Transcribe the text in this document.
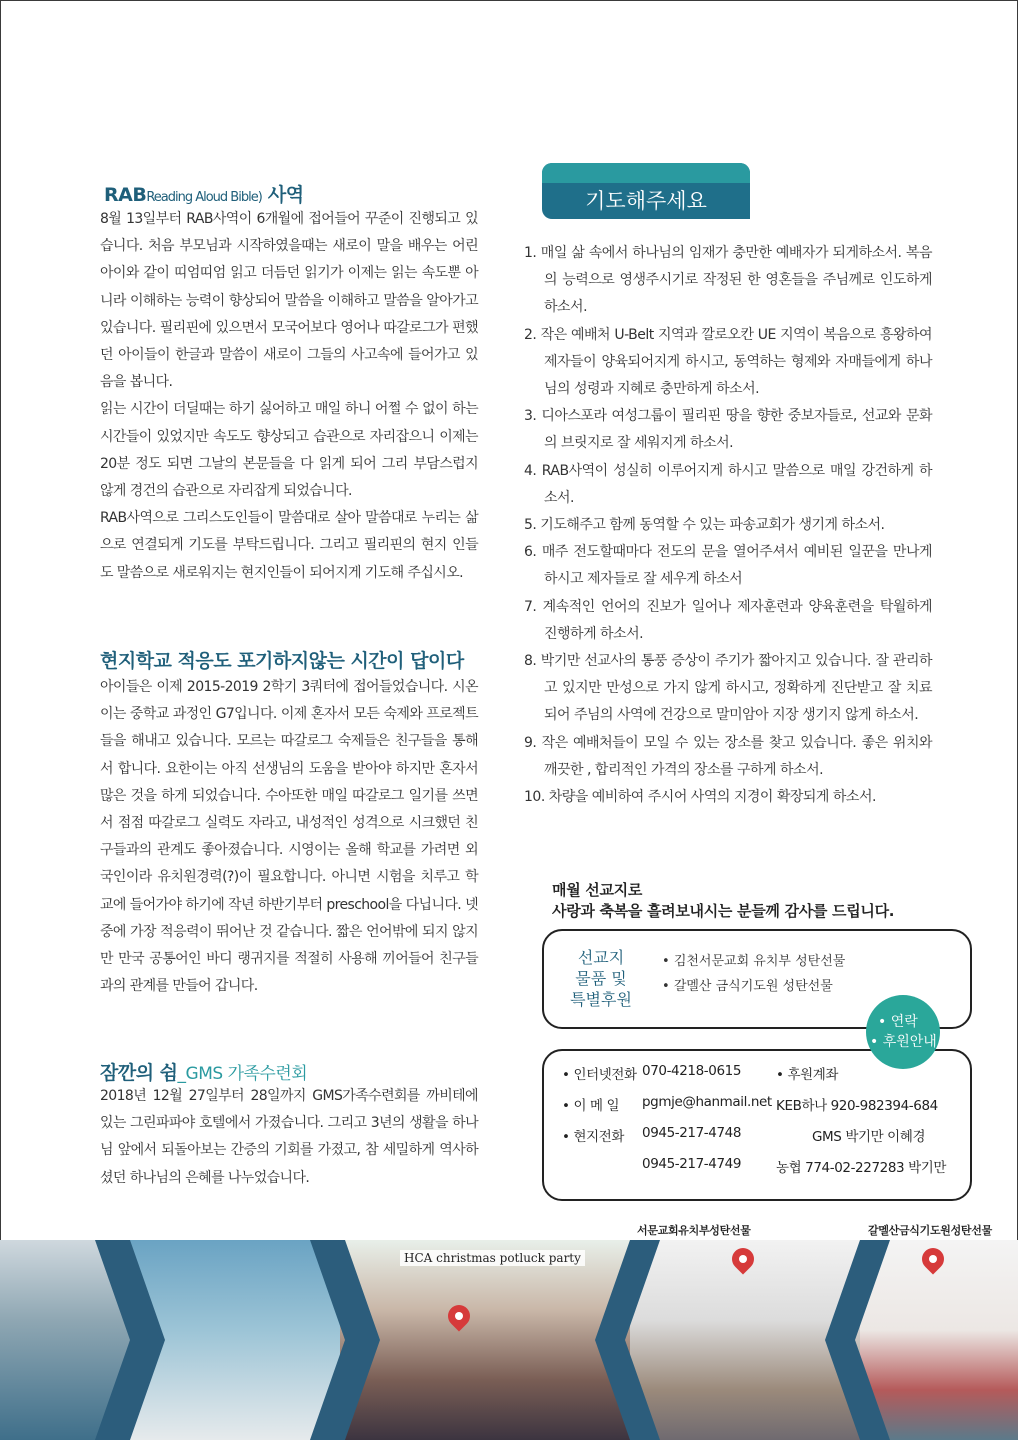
RABReading Aloud Bible) 사역

8월 13일부터 RAB사역이 6개월에 접어들어 꾸준이 진행되고 있습니다. 처음 부모님과 시작하였을때는 새로이 말을 배우는 어린아이와 같이 띠엄띠엄 읽고 더듬던 읽기가 이제는 읽는 속도뿐 아니라 이해하는 능력이 향상되어 말씀을 이해하고 말씀을 알아가고 있습니다. 필리핀에 있으면서 모국어보다 영어나 따갈로그가 편했던 아이들이 한글과 말씀이 새로이 그들의 사고속에 들어가고 있음을 봅니다.

읽는 시간이 더딜때는 하기 싫어하고 매일 하니 어쩔 수 없이 하는 시간들이 있었지만 속도도 향상되고 습관으로 자리잡으니 이제는 20분 정도 되면 그날의 본문들을 다 읽게 되어 그리 부담스럽지 않게 경건의 습관으로 자리잡게 되었습니다.

RAB사역으로 그리스도인들이 말씀대로 살아 말씀대로 누리는 삶으로 연결되게 기도를 부탁드립니다. 그리고 필리핀의 현지 인들도 말씀으로 새로워지는 현지인들이 되어지게 기도해 주십시오.

현지학교 적응도 포기하지않는 시간이 답이다

아이들은 이제 2015-2019 2학기 3쿼터에 접어들었습니다. 시온이는 중학교 과정인 G7입니다. 이제 혼자서 모든 숙제와 프로젝트들을 해내고 있습니다. 모르는 따갈로그 숙제들은 친구들을 통해서 합니다. 요한이는 아직 선생님의 도움을 받아야 하지만 혼자서 많은 것을 하게 되었습니다. 수아또한 매일 따갈로그 일기를 쓰면서 점점 따갈로그 실력도 자라고, 내성적인 성격으로 시크했던 친구들과의 관계도 좋아졌습니다. 시영이는 올해 학교를 가려면 외국인이라 유치원경력(?)이 필요합니다. 아니면 시험을 치루고 학교에 들어가야 하기에 작년 하반기부터 preschool을 다닙니다. 넷 중에 가장 적응력이 뛰어난 것 같습니다. 짧은 언어밖에 되지 않지만 만국 공통어인 바디 랭귀지를 적절히 사용해 끼어들어 친구들과의 관계를 만들어 갑니다.

잠깐의 쉼_GMS 가족수련회

2018년 12월 27일부터 28일까지 GMS가족수련회를 까비테에 있는 그린파파야 호텔에서 가졌습니다. 그리고 3년의 생활을 하나님 앞에서 되돌아보는 간증의 기회를 가졌고, 참 세밀하게 역사하셨던 하나님의 은혜를 나누었습니다.

기도해주세요
1. 매일 삶 속에서 하나님의 임재가 충만한 예배자가 되게하소서. 복음의 능력으로 영생주시기로 작정된 한 영혼들을 주님께로 인도하게 하소서.
2. 작은 예배처 U-Belt 지역과 깔로오칸 UE 지역이 복음으로 흥왕하여 제자들이 양육되어지게 하시고, 동역하는 형제와 자매들에게 하나님의 성령과 지혜로 충만하게 하소서.
3. 디아스포라 여성그룹이 필리핀 땅을 향한 중보자들로, 선교와 문화의 브릿지로 잘 세워지게 하소서.
4. RAB사역이 성실히 이루어지게 하시고 말씀으로 매일 강건하게 하소서.
5. 기도해주고 함께 동역할 수 있는 파송교회가 생기게 하소서.
6. 매주 전도할때마다 전도의 문을 열어주셔서 예비된 일꾼을 만나게 하시고 제자들로 잘 세우게 하소서
7. 계속적인 언어의 진보가 일어나 제자훈련과 양육훈련을 탁월하게 진행하게 하소서.
8. 박기만 선교사의 통풍 증상이 주기가 짧아지고 있습니다. 잘 관리하고 있지만 만성으로 가지 않게 하시고, 정확하게 진단받고 잘 치료되어 주님의 사역에 건강으로 말미암아 지장 생기지 않게 하소서.
9. 작은 예배처들이 모일 수 있는 장소를 찾고 있습니다. 좋은 위치와 깨끗한 , 합리적인 가격의 장소를 구하게 하소서.
10. 차량을 예비하여 주시어 사역의 지경이 확장되게 하소서.
매월 선교지로
사랑과 축복을 흘려보내시는 분들께 감사를 드립니다.
선교지
물품 및
특별후원
• 김천서문교회 유치부 성탄선물
• 갈멜산 금식기도원 성탄선물
• 인터넷전화 070-4218-0615	• 후원계좌
• 이 메 일 pgmje@hanmail.net KEB하나 920-982394-684
• 현지전화 0945-217-4748	GMS 박기만 이혜경
0945-217-4749	농협 774-02-227283 박기만
• 연락
• 후원안내
서문교회유치부성탄선물	갈멜산금식기도원성탄선물
HCA christmas potluck party
